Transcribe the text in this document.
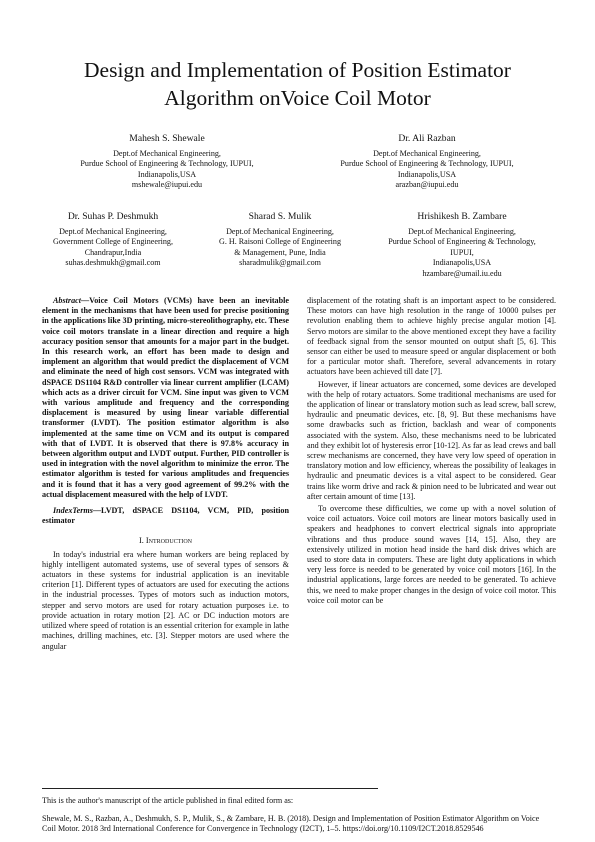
Design and Implementation of Position Estimator
Algorithm onVoice Coil Motor
Mahesh S. Shewale
Dept.of Mechanical Engineering,
Purdue School of Engineering & Technology, IUPUI,
Indianapolis,USA
mshewale@iupui.edu
Dr. Ali Razban
Dept.of Mechanical Engineering,
Purdue School of Engineering & Technology, IUPUI,
Indianapolis,USA
arazban@iupui.edu
Dr. Suhas P. Deshmukh
Dept.of Mechanical Engineering,
Government College of Engineering,
Chandrapur,India
suhas.deshmukh@gmail.com
Sharad S. Mulik
Dept.of Mechanical Engineering,
G. H. Raisoni College of Engineering
& Management, Pune, India
sharadmulik@gmail.com
Hrishikesh B. Zambare
Dept.of Mechanical Engineering,
Purdue School of Engineering & Technology,
IUPUI,
Indianapolis,USA
hzambare@umail.iu.edu

Abstract—Voice Coil Motors (VCMs) have been an inevitable element in the mechanisms that have been used for precise positioning in the applications like 3D printing, micro-stereolithography, etc. These voice coil motors translate in a linear direction and require a high accuracy position sensor that amounts for a major part in the budget. In this research work, an effort has been made to design and implement an algorithm that would predict the displacement of VCM and eliminate the need of high cost sensors. VCM was integrated with dSPACE DS1104 R&D controller via linear current amplifier (LCAM) which acts as a driver circuit for VCM. Sine input was given to VCM with various amplitude and frequency and the corresponding displacement is measured by using linear variable differential transformer (LVDT). The position estimator algorithm is also implemented at the same time on VCM and its output is compared with that of LVDT. It is observed that there is 97.8% accuracy in between algorithm output and LVDT output. Further, PID controller is used in integration with the novel algorithm to minimize the error. The estimator algorithm is tested for various amplitudes and frequencies and it is found that it has a very good agreement of 99.2% with the actual displacement measured with the help of LVDT.

IndexTerms—LVDT, dSPACE DS1104, VCM, PID, position estimator

I. Introduction

In today's industrial era where human workers are being replaced by highly intelligent automated systems, use of several types of sensors & actuators in these systems for industrial application is an inevitable criterion [1]. Different types of actuators are used for executing the actions in the industrial processes. Types of motors such as induction motors, stepper and servo motors are used for rotary actuation purposes i.e. to provide actuation in rotary motion [2]. AC or DC induction motors are utilized where speed of rotation is an essential criterion for example in lathe machines, drilling machines, etc. [3]. Stepper motors are used where the angular

displacement of the rotating shaft is an important aspect to be considered. These motors can have high resolution in the range of 10000 pulses per revolution enabling them to achieve highly precise angular motion [4]. Servo motors are similar to the above mentioned except they have a facility of feedback signal from the sensor mounted on output shaft [5, 6]. This sensor can either be used to measure speed or angular displacement or both for a particular motor shaft. Therefore, several advancements in rotary actuators have been achieved till date [7].

However, if linear actuators are concerned, some devices are developed with the help of rotary actuators. Some traditional mechanisms are used for the application of linear or translatory motion such as lead screw, ball screw, hydraulic and pneumatic devices, etc. [8, 9]. But these mechanisms have some drawbacks such as friction, backlash and wear of components associated with the system. Also, these mechanisms need to be lubricated and they exhibit lot of hysteresis error [10-12]. As far as lead crews and ball screw mechanisms are concerned, they have very low speed of operation in translatory motion and low efficiency, whereas the possibility of leakages in hydraulic and pneumatic devices is a vital aspect to be considered. Gear trains like worm drive and rack & pinion need to be lubricated and wear out after certain amount of time [13].

To overcome these difficulties, we come up with a novel solution of voice coil actuators. Voice coil motors are linear motors basically used in speakers and headphones to convert electrical signals into appropriate vibrations and thus produce sound waves [14, 15]. Also, they are extensively utilized in motion head inside the hard disk drives which are used to store data in computers. These are light duty applications in which very less force is needed to be generated by voice coil motors [16]. In the industrial applications, large forces are needed to be generated. To achieve this, we need to make proper changes in the design of voice coil motor. This voice coil motor can be

This is the author's manuscript of the article published in final edited form as:
Shewale, M. S., Razban, A., Deshmukh, S. P., Mulik, S., & Zambare, H. B. (2018). Design and Implementation of Position Estimator Algorithm on Voice Coil Motor. 2018 3rd International Conference for Convergence in Technology (I2CT), 1–5. https://doi.org/10.1109/I2CT.2018.8529546
